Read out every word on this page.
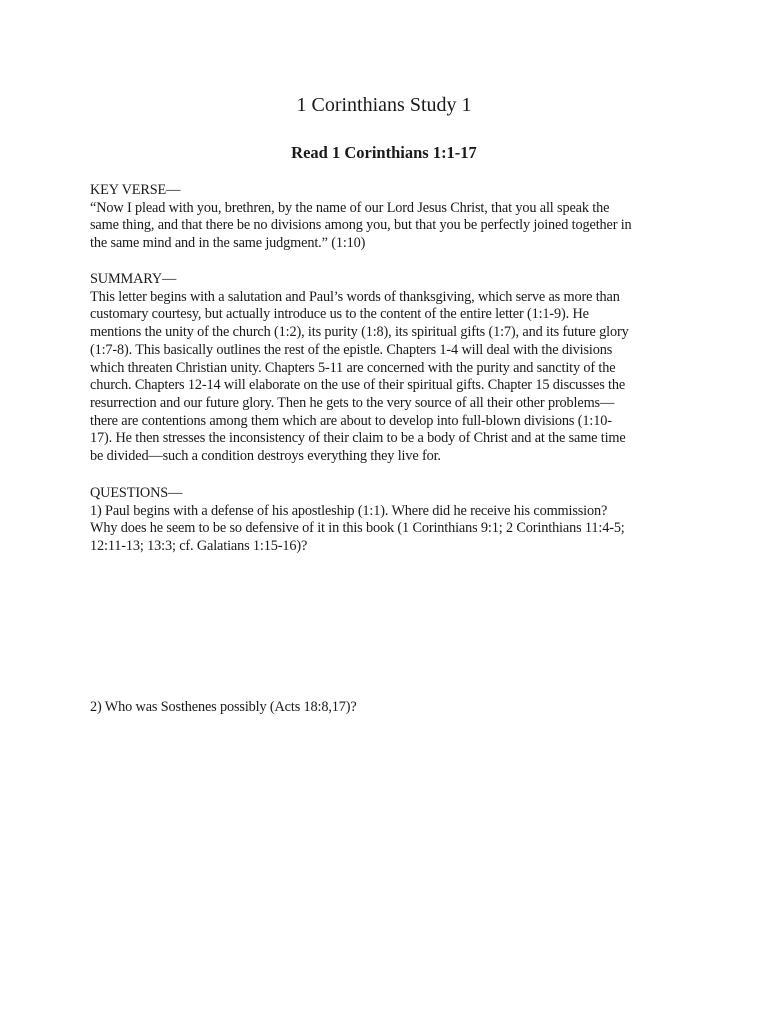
1 Corinthians Study 1
Read 1 Corinthians 1:1-17
KEY VERSE—
“Now I plead with you, brethren, by the name of our Lord Jesus Christ, that you all speak the
same thing, and that there be no divisions among you, but that you be perfectly joined together in
the same mind and in the same judgment.” (1:10)
SUMMARY—
This letter begins with a salutation and Paul’s words of thanksgiving, which serve as more than
customary courtesy, but actually introduce us to the content of the entire letter (1:1-9). He
mentions the unity of the church (1:2), its purity (1:8), its spiritual gifts (1:7), and its future glory
(1:7-8). This basically outlines the rest of the epistle. Chapters 1-4 will deal with the divisions
which threaten Christian unity. Chapters 5-11 are concerned with the purity and sanctity of the
church. Chapters 12-14 will elaborate on the use of their spiritual gifts. Chapter 15 discusses the
resurrection and our future glory. Then he gets to the very source of all their other problems—
there are contentions among them which are about to develop into full-blown divisions (1:10-
17). He then stresses the inconsistency of their claim to be a body of Christ and at the same time
be divided—such a condition destroys everything they live for.
QUESTIONS—
1) Paul begins with a defense of his apostleship (1:1). Where did he receive his commission?
Why does he seem to be so defensive of it in this book (1 Corinthians 9:1; 2 Corinthians 11:4-5;
12:11-13; 13:3; cf. Galatians 1:15-16)?
2) Who was Sosthenes possibly (Acts 18:8,17)?
